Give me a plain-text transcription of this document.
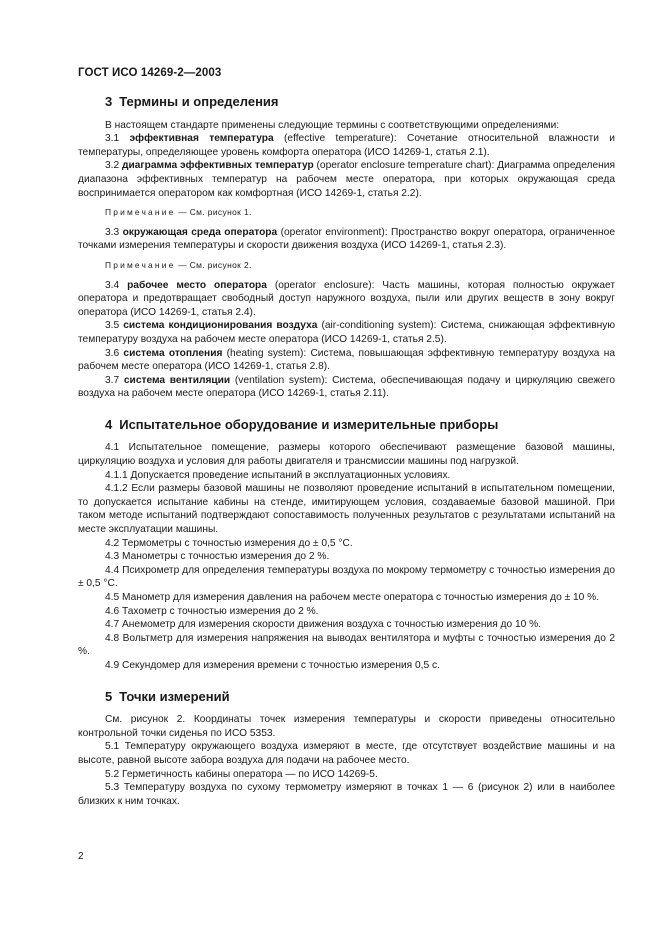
ГОСТ ИСО 14269-2—2003
3 Термины и определения

В настоящем стандарте применены следующие термины с соответствующими определениями:

3.1 эффективная температура (effective temperature): Сочетание относительной влажности и температуры, определяющее уровень комфорта оператора (ИСО 14269-1, статья 2.1).

3.2 диаграмма эффективных температур (operator enclosure temperature chart): Диаграмма определения диапазона эффективных температур на рабочем месте оператора, при которых окружающая среда воспринимается оператором как комфортная (ИСО 14269-1, статья 2.2).

Примечание — См. рисунок 1.

3.3 окружающая среда оператора (operator environment): Пространство вокруг оператора, ограниченное точками измерения температуры и скорости движения воздуха (ИСО 14269-1, статья 2.3).

Примечание — См. рисунок 2.

3.4 рабочее место оператора (operator enclosure): Часть машины, которая полностью окружает оператора и предотвращает свободный доступ наружного воздуха, пыли или других веществ в зону вокруг оператора (ИСО 14269-1, статья 2.4).

3.5 система кондиционирования воздуха (air-conditioning system): Система, снижающая эффективную температуру воздуха на рабочем месте оператора (ИСО 14269-1, статья 2.5).

3.6 система отопления (heating system): Система, повышающая эффективную температуру воздуха на рабочем месте оператора (ИСО 14269-1, статья 2.8).

3.7 система вентиляции (ventilation system): Система, обеспечивающая подачу и циркуляцию свежего воздуха на рабочем месте оператора (ИСО 14269-1, статья 2.11).

4 Испытательное оборудование и измерительные приборы

4.1 Испытательное помещение, размеры которого обеспечивают размещение базовой машины, циркуляцию воздуха и условия для работы двигателя и трансмиссии машины под нагрузкой.

4.1.1 Допускается проведение испытаний в эксплуатационных условиях.

4.1.2 Если размеры базовой машины не позволяют проведение испытаний в испытательном помещении, то допускается испытание кабины на стенде, имитирующем условия, создаваемые базовой машиной. При таком методе испытаний подтверждают сопоставимость полученных результатов с результатами испытаний на месте эксплуатации машины.

4.2 Термометры с точностью измерения до ± 0,5 °С.

4.3 Манометры с точностью измерения до 2 %.

4.4 Психрометр для определения температуры воздуха по мокрому термометру с точностью измерения до ± 0,5 °С.

4.5 Манометр для измерения давления на рабочем месте оператора с точностью измерения до ± 10 %.

4.6 Тахометр с точностью измерения до 2 %.

4.7 Анемометр для измерения скорости движения воздуха с точностью измерения до 10 %.

4.8 Вольтметр для измерения напряжения на выводах вентилятора и муфты с точностью измерения до 2 %.

4.9 Секундомер для измерения времени с точностью измерения 0,5 с.

5 Точки измерений

См. рисунок 2. Координаты точек измерения температуры и скорости приведены относительно контрольной точки сиденья по ИСО 5353.

5.1 Температуру окружающего воздуха измеряют в месте, где отсутствует воздействие машины и на высоте, равной высоте забора воздуха для подачи на рабочее место.

5.2 Герметичность кабины оператора — по ИСО 14269-5.

5.3 Температуру воздуха по сухому термометру измеряют в точках 1 — 6 (рисунок 2) или в наиболее близких к ним точках.

2
